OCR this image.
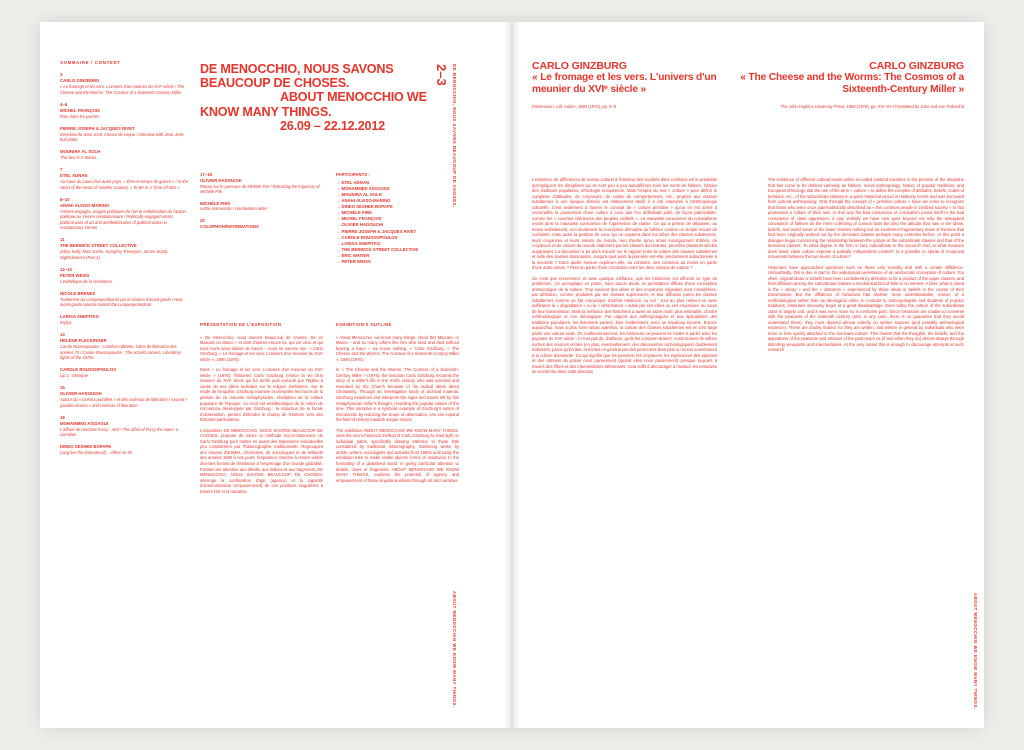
SOMMAIRE / CONTENT
3
CARLO GINZBURG
« Le fromage et les vers. L'univers d'un meunier du XVIᵉ siècle / The Cheese and the Worms: The Cosmos of a Sixteenth-Century Miller
4–6
MICHEL FRANÇOIS
Rien dans les poches
PIERRE JOSEPH & JACQUES RIVET
Interview de Jean Jcret, traceur de coque / Interview with Jean Jcret, hull plater
MOUNIRA AL SOLH
The Sea is A Stereo
7
ETEL ADNAN
Au cœur du cœur d'un autre pays, « Être en temps de guerre » / In the Heart of the Heart of Another Country, « To Be In A Time Of War »
8–10
ANAHI ALVISO-MARINO
Artistes engagés, usages politiques de l'art et esthétisation de l'action politique au Yémen révolutionnaire / Politically engaged artists, political uses of art and aestheticisation of political action in revolutionary Yemen
11
THE BERWICK STREET COLLECTIVE
(Mary Kelly, Marc Karlin, Humphry Trevelyan, James Scott), Nightcleaners (Part 1)
12–13
PETER WEISS
L'esthétique de la résistance
NICOLE BRENEZ
Traitement du Lumpenprolétariat par le cinéma d'avant-garde / How avant-garde cinema treated the Lumpenproletáriat
LARISA SHEPITKO
Krylya
14
HÉLÈNE FLECKINGER
Carole Roussopoulos : Caméra militante, luttes de libération des années 70 / Carole Roussopoulos : The activist camera, Liberatory fights of the 1970s
CAROLE ROUSSOPOULOS
Lip 1 : Monique
15
OLIVIER HADOUCHI
Autour du « cinéma parallèle » et des cinémas de libération / Around « parallel cinema » and cinemas of liberation
16
MOHAMMED AÏSSAOUI
L'affaire de l'esclave Furcy : recit / The affair of Furcy the slave: a narrative
DINEO SESHEE BOPAPE
Long live the (immaterial)... effect no 55
DE MENOCCHIO, NOUS SAVONS BEAUCOUP DE CHOSES.
ABOUT MENOCCHIO WE KNOW MANY THINGS.
26.09 – 22.12.2012
2–3 DE MENOCCHIO, NOUS SAVONS BEAUCOUP DE CHOSES.
ABOUT MENOCCHIO WE KNOW MANY THINGS.
17–18
OLIVIER HADOUCHI
Retour sur le parcours de Michèle Firk / Retracing the trajectory of Michèle Firk
MICHÈLE FIRK
Lettre manuscrite / Handwritten letter
20
COLOPHON/INFORMATIONS
PARTICIPANTS :
→ ETEL ADNAN
→ MOHAMMED AÏSSAOUI
→ MOUNIRA AL SOLH
→ ANAHI ALVISO-MARINO
→ DINEO SESHEE BOPAPE
→ MICHÈLE FIRK
→ MICHEL FRANÇOIS
→ OLIVIER HADOUCHI
→ PIERRE JOSEPH & JACQUES RIVET
→ CAROLE ROUSSOPOULOS
→ LARISA SHEPITKO
→ THE BERWICK STREET COLLECTIVE
→ ERIC WATIER
→ PETER WEISS
PRÉSENTATION DE L'EXPOSITION

« De Menocchio, nous savons beaucoup de choses. De ce Marcato ou Marco – et dont d'autres encore lui, qui ont vécu et qui sont morts sans laisser de traces – nous ne savons rien. » Carlo Ginzburg, « Le fromage et les vers. L'univers d'un meunier du XVIᵉ siècle », 1980 (1976).

Dans « Le fromage et les vers. L'univers d'un meunier du XVIᵉ siècle » (1976), l'historien Carlo Ginzburg retrace la vie d'un meunier du XVIᵉ siècle qui fut arrêté puis exécuté par l'Église à cause de ses idées radicales sur la religion chrétienne. Sur le mode de l'enquête, Ginzburg examine et interprète les traces de la pensée de ce meunier métaphysicien, révélatrice de la culture populaire de l'époque. Ce récit est emblématique de la notion de microstoria développée par Ginzburg : la réduction de la focale d'observation, permet d'étendre le champ de l'Histoire vers des histoires particulières.

L'exposition DE MENOCCHIO, NOUS SAVONS BEAUCOUP DE CHOSES, propose de suivre la méthode micro-historienne de Carlo Ginzburg pour mettre en avant des trajectoires individuelles peu considérées par l'historiographie traditionnelle. Regroupant des travaux d'artistes, d'écrivains, de sociologues et de militants des années 1960 à nos jours, l'exposition cherche à rendre visible diverses formes de résistance à l'engrenage d'un monde globalisé. Portant une attention aux détails, aux indices et aux fragments, DE MENOCCHIO, NOUS SAVONS BEAUCOUP DE CHOSES, interroge la confiscation d'agir (agency) et la capacité d'autonomisation (empowerment) de ces positions singulières à travers l'art et la narration

EXHIBITION'S OUTLINE

« About Menocchio, we know many things. About this Marcato, or Marco – and so many others like him who lived and died without leaving a trace – we know nothing. » Carlo Ginzburg, « The Cheese and the Worms: The Cosmos of a Sixteenth-Century Miller », 1980 (1976).

In « The Cheese and the Worms: The Cosmos of a Sixteenth-Century Miller » (1976), the historian Carlo Ginzburg recounts the story of a miller's life in the XVIth century who was arrested and executed by the Church because of his radical ideas about Christianity. Through an investigative study of archival material, Ginzburg examines and interprets the signs and traces left by this metaphysician miller's thought, revealing the popular culture of the time. This narrative is a symbolic example of Ginzburg's notion of microstoria: by reducing the scope of observation, one can expand the field of History towards unique stories.

The exhibition ABOUT MENOCCHIO WE KNOW MANY THINGS, uses the micro-historical method of Carlo Ginzburg to shed light on individual paths, specifically drawing attention to those little considered by traditional historiography. Gathering works by artists, writers, sociologists and activists from 1960s until today the exhibition tries to make visible diverse forms of resistance to the formatting of a globalised world. In giving particular attention to details, clues or fragments, ABOUT MENOCCHIO WE KNOW MANY THINGS, explores the potential of agency and empowerment of these singular positions through art and narrative

CARLO GINZBURG
« Le fromage et les vers. L'univers d'un meunier du XVIᵉ siècle »
Flammarion, coll. Aubier, 1980 (1976), pp. 8–9
CARLO GINZBURG
« The Cheese and the Worms: The Cosmos of a Sixteenth-Century Miller »
The John Hopkins University Press, 1980 (1976), pp. XIV–XV (Translated by John and Ann Tedeschi)

L'existence de différences de niveau culturel à l'intérieur des sociétés dites civilisées est le préalable qu'impliquent les disciplines qui se sont peu à peu autodéfinies sous les noms de folklore, histoire des traditions populaires, ethnologie européenne. Mais l'emploi du mot « culture » pour définir le complexe d'attitudes, de croyances, de codes de comportements, etc., propres aux classes subalternes à une époque donnée est relativement tardif: il a été emprunté à l'anthropologie culturelle. C'est seulement à travers le concept de « culture primitive » qu'on en est arrivé à reconnaître la possession d'une culture à ceux que l'on définissait jadis, de façon paternaliste, comme les « couches inférieures des peuples civilisés ». La mauvaise conscience du colonialisme rejoint ainsi la mauvaise conscience de l'oppression de classe. Ce qui a permis de dépasser, au moins verbalement, non seulement la conception démodée du folklore comme un simple recueil de curiosités, mais aussi la position de ceux qui ne voyaient dans les idées des classes subalternes, leurs croyances et leurs visions du monde, rien d'autre qu'un amas incongrument d'idées, de croyances et de visions du monde élaborées par les classes dominantes, peut-être plusieurs siècles auparavant. La discussion a pu alors s'ouvrir sur le rapport entre la culture des classes subalternes et celle des classes dominantes. Jusqu'à quel point la première est-elle, précisément subordonnée à la seconde ? Dans quelle mesure exprime-t-elle, au contraire, des contenus au moins en partie d'une autre nature ? Peut-on parler d'une circulation entre les deux niveaux de culture ?

Ce n'est que récemment, et avec quelque méfiance, que les historiens ont affronté ce type de problèmes. Ce qu'explique en partie, sans aucun doute, la persistance diffuse d'une conception aristocratique de la culture. Trop souvent des idées et des croyances originales sont considérées, par définition, comme produites par les classes supérieures, et leur diffusion parmi les classes subalternes comme un fait mécanique d'intérêt médiocre ou nul : tout au plus relève-t-on avec suffisance la « dégradation » ou la « déformation » subie par ces idées ou ces croyances, au cours de leur transmission. Mais la méfiance des historiens a aussi un autre motif, plus estimable, d'ordre méthodologique et non idéologique. Par rapport aux anthropologues et aux spécialistes des traditions populaires, les historiens partent, bien évidemment, avec un handicap énorme. Encore aujourd'hui, mais à plus forte raison autrefois, la culture des classes subalternes est en très large partie une culture orale. Or, malheureusement, les historiens ne peuvent se mettre à parler avec les paysans du XVIᵉ siècle : il n'est pas dit, d'ailleurs, qu'ils les compren-draient. Aussi doivent-ils utiliser surtout des sources écrites (en plus, éventuellement, des découvertes archéologiques) doublement indirectes, parce qu'écrites, et écrites en général par des personnes liées plus ou moins ouvertement à la culture dominante. Ce qui signifie que les pensées, les croyances, les espérances des paysans et des artisans du passé nous parviennent (quand elles nous parviennent) presque toujours à travers des filtres et des intermédiaires déformants. Cela suffit à décourager à l'avance les tentatives de recherche dans cette direction

The existence of different cultural levels within so-called civilized societies is the premise of the discipline that has come to be defined variously as folklore, social anthropology, history of popular traditions, and European ethnology. But the use of the term « culture » to define the complex of attitudes, beliefs, codes of behavior, etc., of the subordinate classes in a given historical period is relatively recent and was borrowed from cultural anthropology. Only through the concept of « primitive culture » have we come to recognize that those who were once paternalistically described as « the common people in civilized society » in fact possessed a culture of their own. In this way the bad conscience of colonialism joined itself to the bad conscience of class oppression; it only verbally we have now gone beyond not only the antiquated conception of folklore as the mere collecting of curious facts but also the attitude that saw in the ideas, beliefs, and world views of the lower classes nothing but an incoherent fragmentary mass of theories that had been originally worked out by the dominant classes perhaps many centuries before. At this point a dialogue began concerning the relationship between the culture of the subordinate classes and that of the dominant classes. To what degree is the first, in fact, subordinate to the second? And, to what measure does lower class culture express a partially independent content? Is it possible to speak of reciprocal movement between the two levels of culture?

Historians have approached questions such as these only recently and with a certain diffidence. Undoubtedly, this is due in part to the widespread persistence of an aristocratic conception of culture. Too often, original ideas or beliefs have been considered by definition to be a product of the upper classes, and their diffusion among the subordinate classes a mechanical fact of little or no interest. A best, what is noted is the « decay » and the « distortion » experienced by those ideas or beliefs in the course of their transmission. But the diffidence of historians has another, more understandable, reason, of a methodological rather than an ideological order. In contrast to anthropologists and students of popular traditions, historians obviously begin at a great disadvantage. Even today the culture of the subordinate class is largely oral, and it was even more so in centuries past. Since historians are unable to converse with the peasants of the sixteenth century (and, in any case, there is no guarantee that they would understand them), they must depend almost entirely on written sources (and possibly archeological evidence). These are doubly indirect for they are written, and written in general by individuals who were more or less openly attached to the dominant culture. This means that the thoughts, the beliefs, and the aspirations of the peasants and artisans of the past reach us (if and when they do) almost always through distorting viewpoints and intermediaries. At the very outset this is enough to discourage attempts at such research

ABOUT MENOCCHIO WE KNOW MANY THINGS.
